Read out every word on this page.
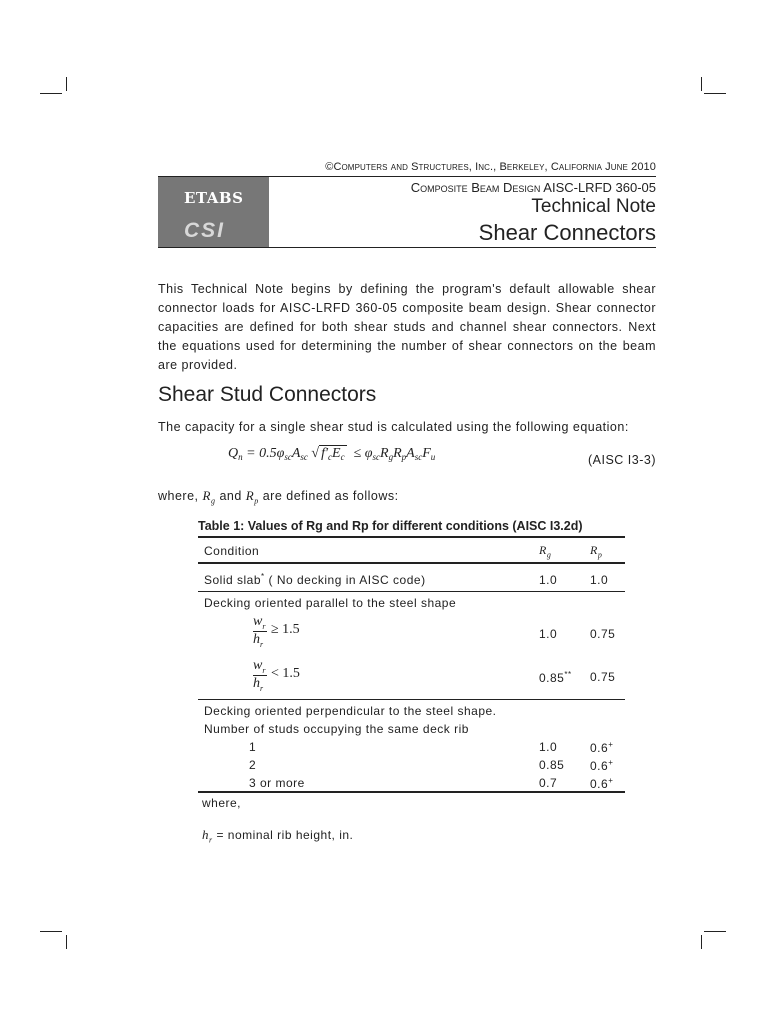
©Computers and Structures, Inc., Berkeley, California June 2010
ETABS
CSI
Composite Beam Design AISC-LRFD 360-05
Technical Note
Shear Connectors
This Technical Note begins by defining the program's default allowable shear connector loads for AISC-LRFD 360-05 composite beam design. Shear connector capacities are defined for both shear studs and channel shear connectors. Next the equations used for determining the number of shear connectors on the beam are provided.
Shear Stud Connectors
The capacity for a single shear stud is calculated using the following equation:
$Q_n = 0.5\varphi_{sc}A_{sc}$ √ $f'_cE_c \le \varphi_{sc}R_gR_pA_{sc}F_u$	(AISC I3-3)
where, $R_g$ and $R_p$ are defined as follows:
Table 1: Values of Rg and Rp for different conditions (AISC I3.2d)
Condition	$R_g$	$R_p$
Solid slab* ( No decking in AISC code)	1.0	1.0
Decking oriented parallel to the steel shape
$w_r$
$h_r$
≥ 1.5	1.0	0.75
$w_r$
$h_r$
< 1.5	0.85** 0.75
Decking oriented perpendicular to the steel shape.
Number of studs occupying the same deck rib
1	1.0	0.6+
2	0.85 0.6+
3 or more	0.7	0.6+
where,
$h_r$ = nominal rib height, in.
